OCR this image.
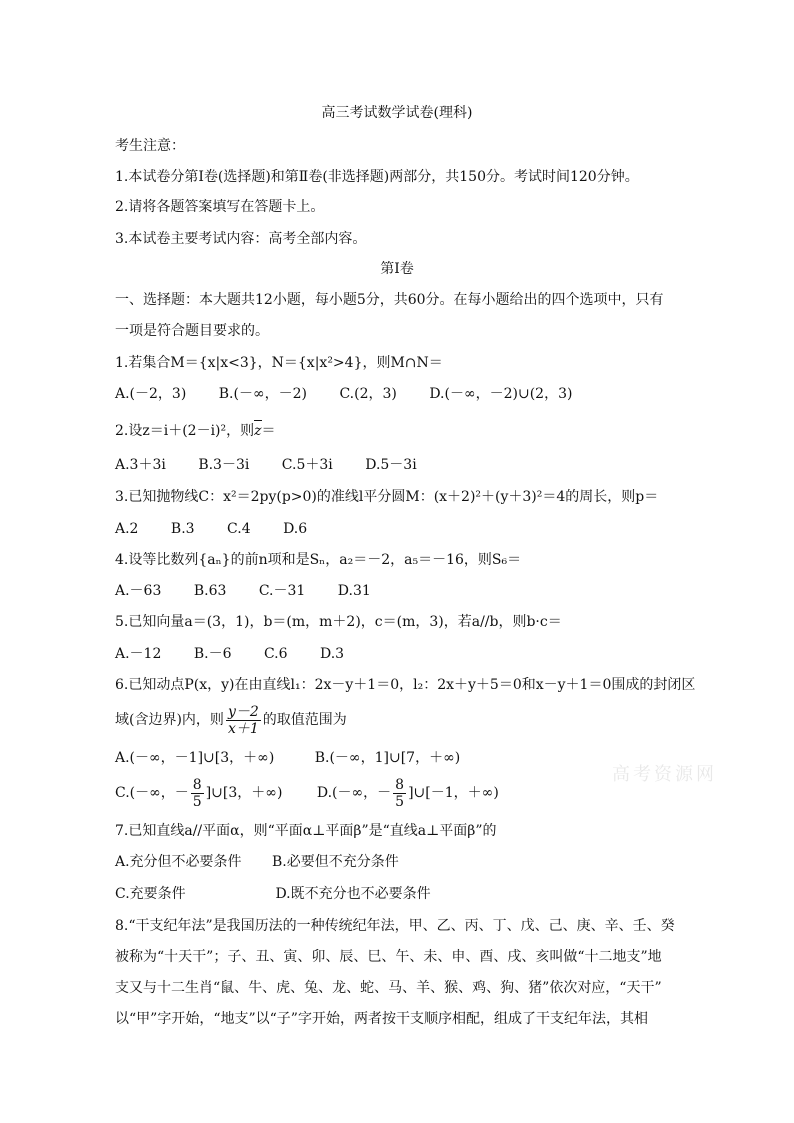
高三考试数学试卷(理科)
考生注意：
1.本试卷分第Ⅰ卷(选择题)和第Ⅱ卷(非选择题)两部分，共150分。考试时间120分钟。
2.请将各题答案填写在答题卡上。
3.本试卷主要考试内容：高考全部内容。
第Ⅰ卷
一、选择题：本大题共12小题，每小题5分，共60分。在每小题给出的四个选项中，只有
一项是符合题目要求的。
1.若集合M＝{x|x<3}，N＝{x|x²>4}，则M∩N＝
A.(－2，3) B.(－∞，－2) C.(2，3) D.(－∞，－2)∪(2，3)
2.设z＝i＋(2－i)²，则z＝
A.3＋3i B.3－3i C.5＋3i D.5－3i
3.已知抛物线C：x²＝2py(p>0)的准线l平分圆M：(x＋2)²＋(y＋3)²＝4的周长，则p＝
A.2 B.3 C.4 D.6
4.设等比数列{aₙ}的前n项和是Sₙ，a₂＝－2，a₅＝－16，则S₆＝
A.－63 B.63 C.－31 D.31
5.已知向量a＝(3，1)，b＝(m，m＋2)，c＝(m，3)，若a//b，则b·c＝
A.－12 B.－6 C.6 D.3
6.已知动点P(x，y)在由直线l₁：2x－y＋1＝0，l₂：2x＋y＋5＝0和x－y＋1＝0围成的封闭区
域(含边界)内，则 $\frac{y-2}{x+1}$ 的取值范围为
A.(－∞，－1]∪[3，＋∞)	B.(－∞，1]∪[7，＋∞)
C.(－∞，－ $\frac{8}{5}$ ]∪[3，＋∞) D.(－∞，－ $\frac{8}{5}$ ]∪[－1，＋∞)
7.已知直线a//平面α，则“平面α⊥平面β”是“直线a⊥平面β”的
A.充分但不必要条件 B.必要但不充分条件
C.充要条件	D.既不充分也不必要条件
8.“干支纪年法”是我国历法的一种传统纪年法，甲、乙、丙、丁、戊、己、庚、辛、壬、癸
被称为“十天干”；子、丑、寅、卯、辰、巳、午、未、申、酉、戌、亥叫做“十二地支”地
支又与十二生肖“鼠、牛、虎、兔、龙、蛇、马、羊、猴、鸡、狗、猪”依次对应，“天干”
以“甲”字开始，“地支”以“子”字开始，两者按干支顺序相配，组成了干支纪年法，其相
高考资源网
